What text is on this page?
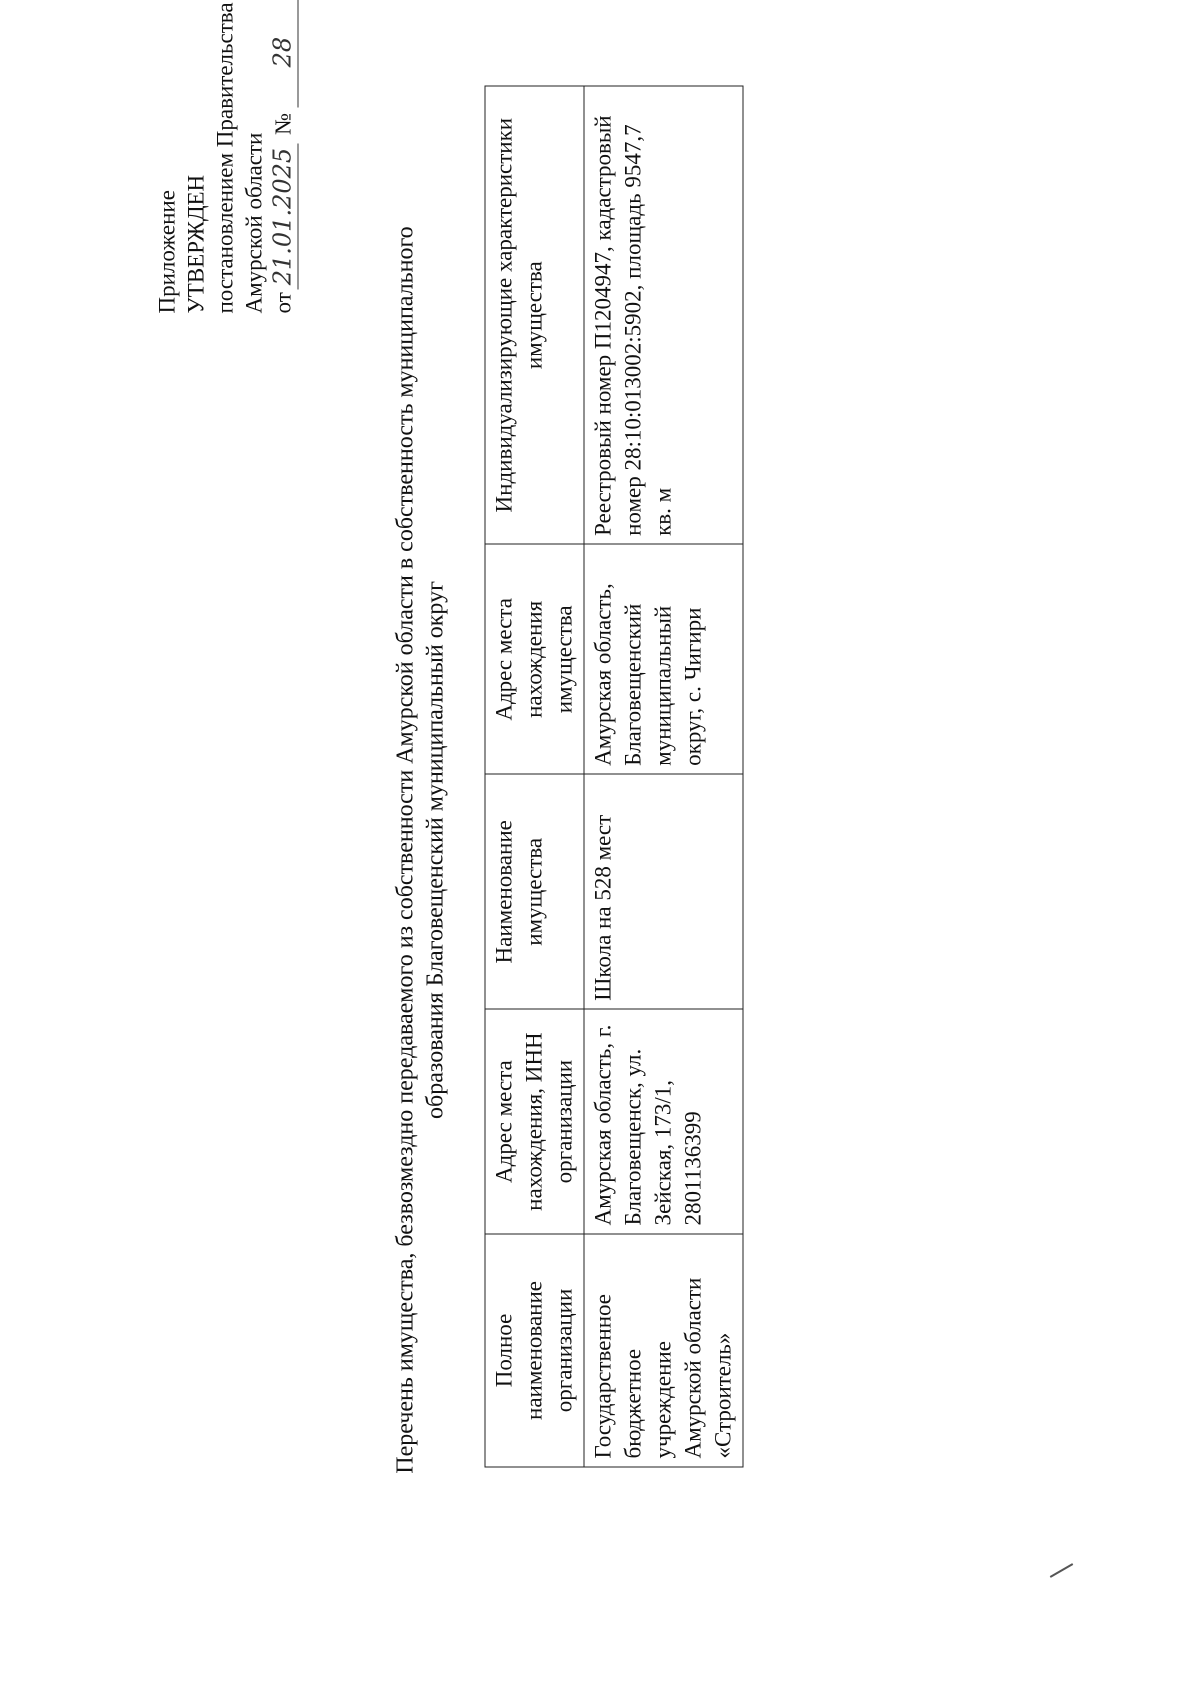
Приложение УТВЕРЖДЕН постановлением Правительства Амурской области от21.01.2025№ 28
Перечень имущества, безвозмездно передаваемого из собственности Амурской области в собственность муниципального образования Благовещенский муниципальный округ
Полное наименование организации	Адрес места нахождения, ИНН организации	Наименование имущества	Адрес места нахождения имущества	Индивидуализирующие характеристики имущества
Государственное бюджетное учреждение Амурской области «Строитель»	Амурская область, г. Благовещенск, ул. Зейская, 173/1, 2801136399	Школа на 528 мест	Амурская область, Благовещенский муниципальный округ, с. Чигири	Реестровый номер П1204947, кадастровый номер 28:10:013002:5902, площадь 9547,7 кв. м
